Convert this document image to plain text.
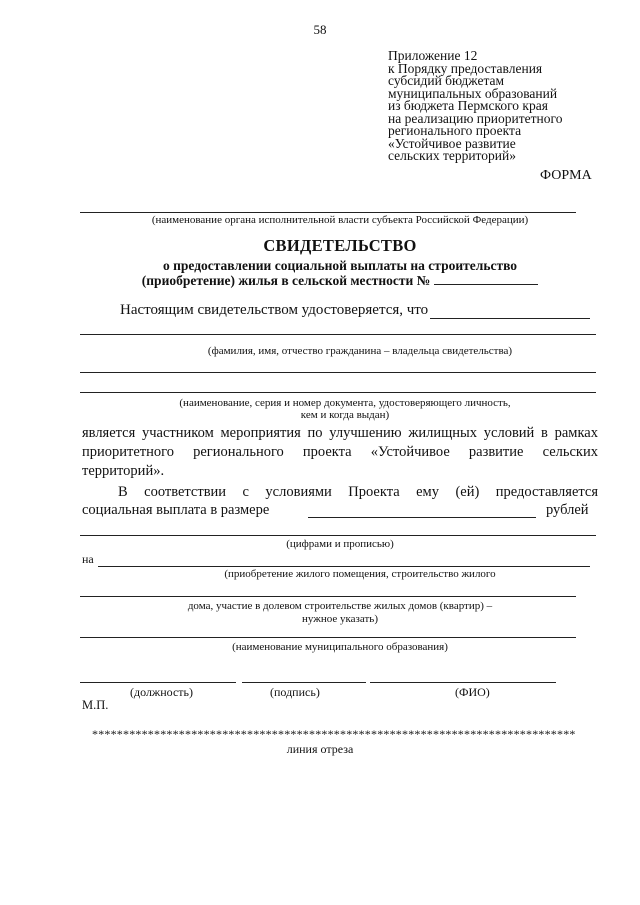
58
Приложение 12
к Порядку предоставления
субсидий бюджетам
муниципальных образований
из бюджета Пермского края
на реализацию приоритетного
регионального проекта
«Устойчивое развитие
сельских территорий»
ФОРМА
(наименование органа исполнительной власти субъекта Российской Федерации)
СВИДЕТЕЛЬСТВО
о предоставлении социальной выплаты на строительство
(приобретение) жилья в сельской местности №
Настоящим свидетельством удостоверяется, что
(фамилия, имя, отчество гражданина – владельца свидетельства)
(наименование, серия и номер документа, удостоверяющего личность,
кем и когда выдан)
является участником мероприятия по улучшению жилищных условий в рамках приоритетного регионального проекта «Устойчивое развитие сельских территорий».
В соответствии с условиями Проекта ему (ей) предоставляется
социальная выплата в размере	рублей
(цифрами и прописью)
на
(приобретение жилого помещения, строительство жилого
дома, участие в долевом строительстве жилых домов (квартир) –
нужное указать)
(наименование муниципального образования)
(должность)	(подпись)	(ФИО)
М.П.
******************************************************************************
линия отреза
